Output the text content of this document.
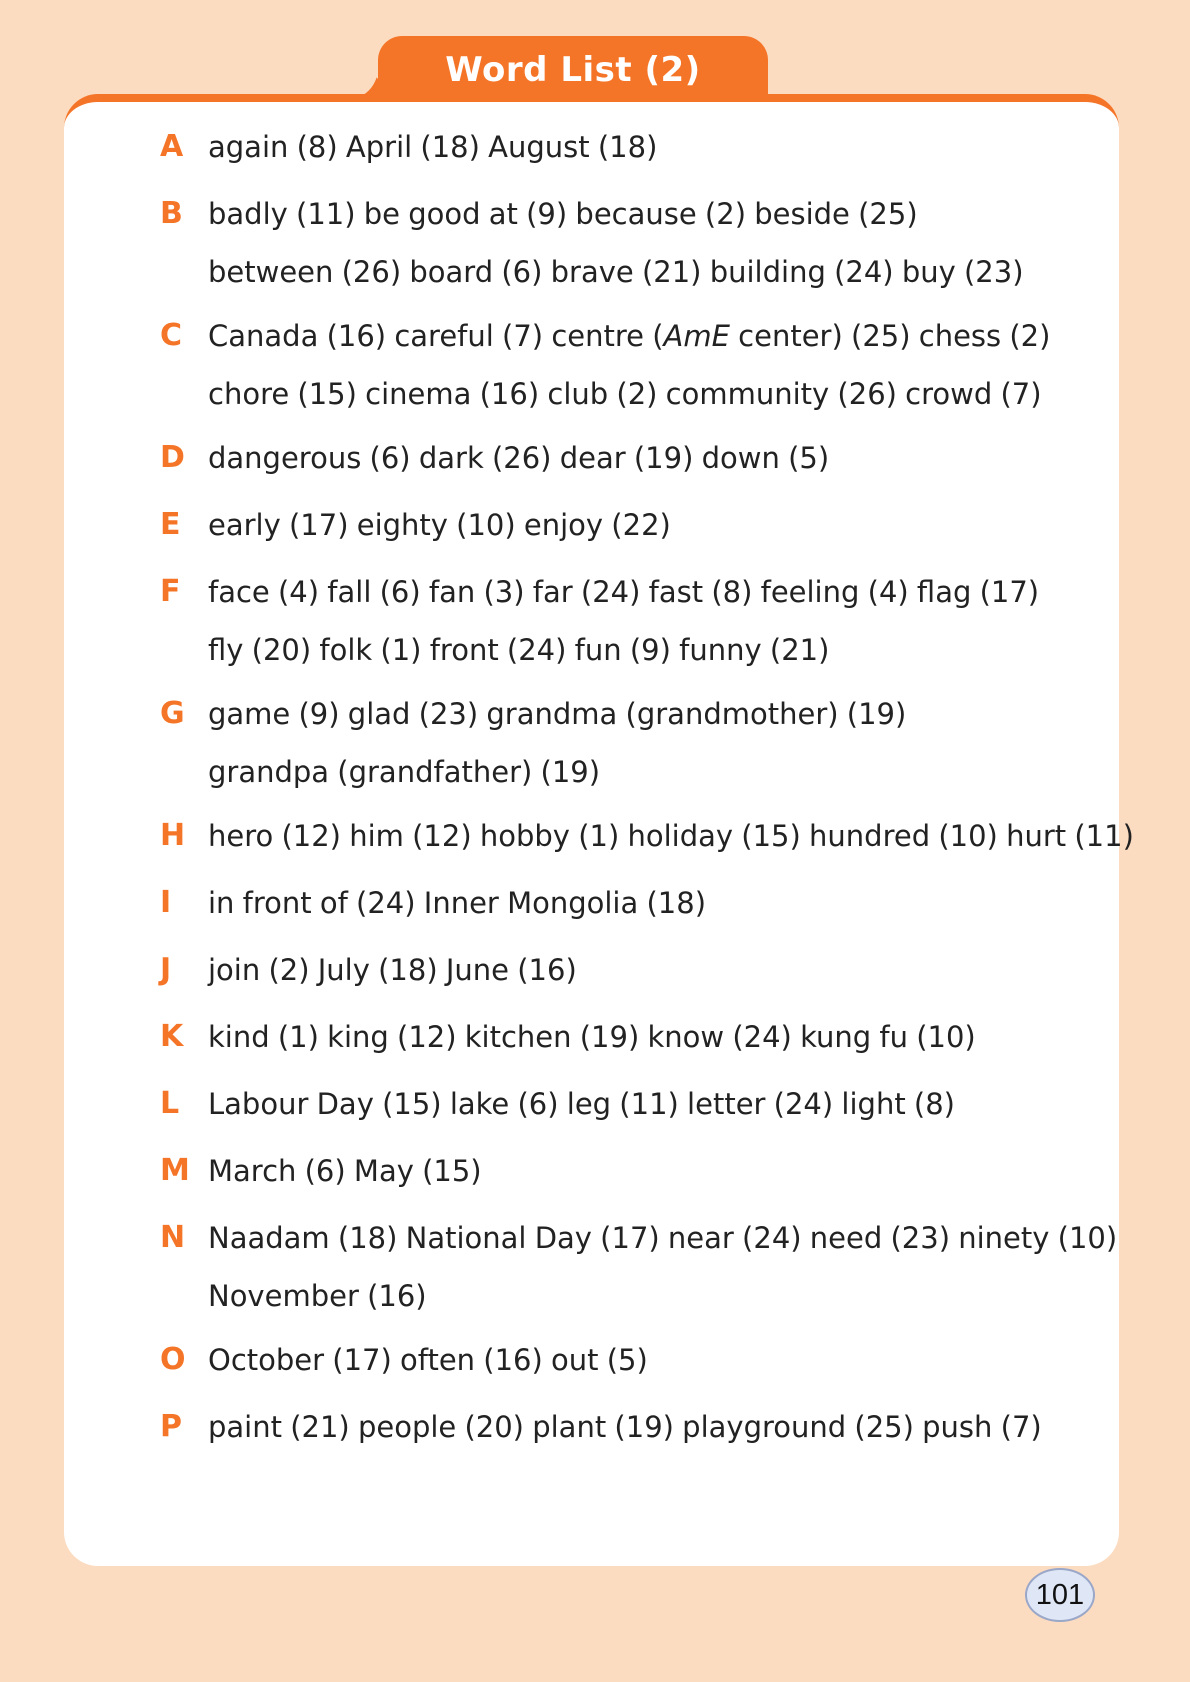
Word List (2)
A again (8) April (18) August (18)
B badly (11) be good at (9) because (2) beside (25)
between (26) board (6) brave (21) building (24) buy (23)
C Canada (16) careful (7) centre (AmE center) (25) chess (2)
chore (15) cinema (16) club (2) community (26) crowd (7)
D dangerous (6) dark (26) dear (19) down (5)
E early (17) eighty (10) enjoy (22)
F face (4) fall (6) fan (3) far (24) fast (8) feeling (4) flag (17)
fly (20) folk (1) front (24) fun (9) funny (21)
G game (9) glad (23) grandma (grandmother) (19)
grandpa (grandfather) (19)
H hero (12) him (12) hobby (1) holiday (15) hundred (10) hurt (11)
I	in front of (24) Inner Mongolia (18)
J	join (2) July (18) June (16)
K kind (1) king (12) kitchen (19) know (24) kung fu (10)
L Labour Day (15) lake (6) leg (11) letter (24) light (8)
M March (6) May (15)
N Naadam (18) National Day (17) near (24) need (23) ninety (10)
November (16)
O October (17) often (16) out (5)
P paint (21) people (20) plant (19) playground (25) push (7)
101
